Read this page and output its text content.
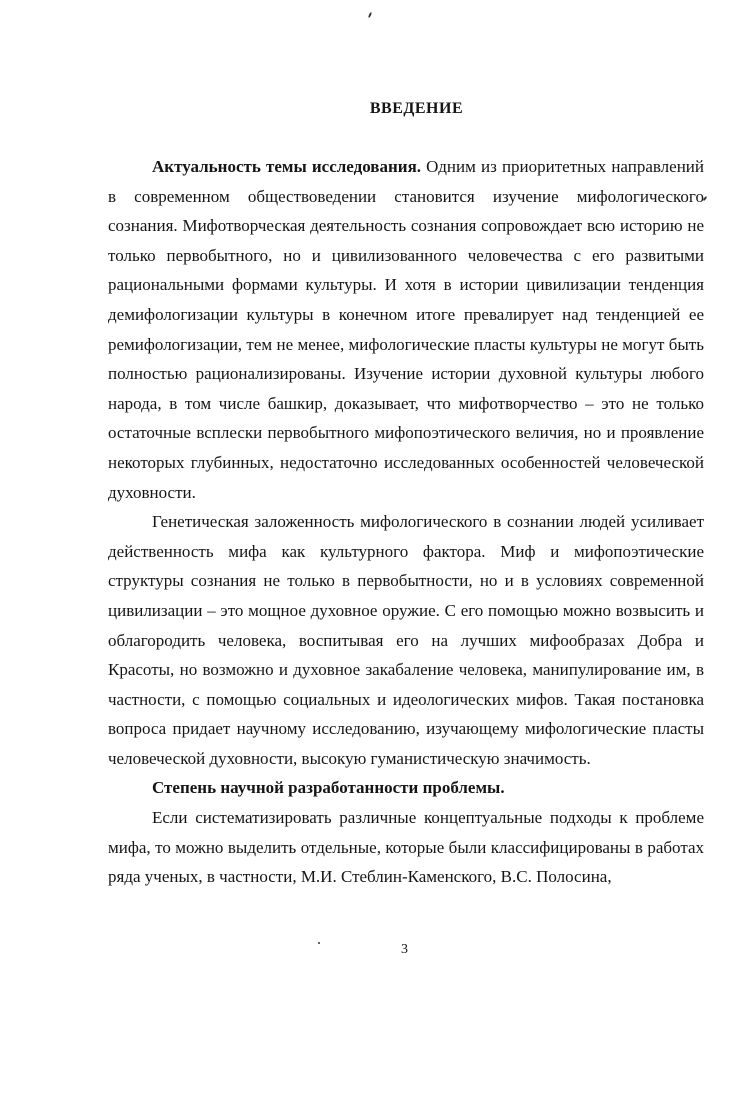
ВВЕДЕНИЕ

Актуальность темы исследования. Одним из приоритетных направлений в современном обществоведении становится изучение мифологического сознания. Мифотворческая деятельность сознания сопровождает всю историю не только первобытного, но и цивилизованного человечества с его развитыми рациональными формами культуры. И хотя в истории цивилизации тенденция демифологизации культуры в конечном итоге превалирует над тенденцией ее ремифологизации, тем не менее, мифологические пласты культуры не могут быть полностью рационализированы. Изучение истории духовной культуры любого народа, в том числе башкир, доказывает, что мифотворчество – это не только остаточные всплески первобытного мифопоэтического величия, но и проявление некоторых глубинных, недостаточно исследованных особенностей человеческой духовности.

Генетическая заложенность мифологического в сознании людей усиливает действенность мифа как культурного фактора. Миф и мифопоэтические структуры сознания не только в первобытности, но и в условиях современной цивилизации – это мощное духовное оружие. С его помощью можно возвысить и облагородить человека, воспитывая его на лучших мифообразах Добра и Красоты, но возможно и духовное закабаление человека, манипулирование им, в частности, с помощью социальных и идеологических мифов. Такая постановка вопроса придает научному исследованию, изучающему мифологические пласты человеческой духовности, высокую гуманистическую значимость.

Степень научной разработанности проблемы.

Если систематизировать различные концептуальные подходы к проблеме мифа, то можно выделить отдельные, которые были классифицированы в работах ряда ученых, в частности, М.И. Стеблин-Каменского, В.С. Полосина,

3
